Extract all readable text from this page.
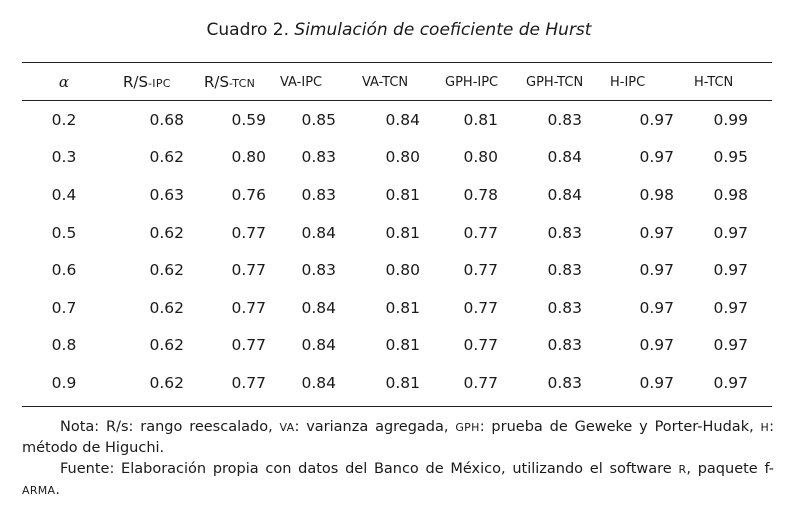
Cuadro 2. Simulación de coeficiente de Hurst
α	R/S-IPC	R/S-TCN	VA-IPC	VA-TCN	GPH-IPC	GPH-TCN	H-IPC	H-TCN
0.2	0.68	0.59	0.85	0.84	0.81	0.83	0.97	0.99
0.3	0.62	0.80	0.83	0.80	0.80	0.84	0.97	0.95
0.4	0.63	0.76	0.83	0.81	0.78	0.84	0.98	0.98
0.5	0.62	0.77	0.84	0.81	0.77	0.83	0.97	0.97
0.6	0.62	0.77	0.83	0.80	0.77	0.83	0.97	0.97
0.7	0.62	0.77	0.84	0.81	0.77	0.83	0.97	0.97
0.8	0.62	0.77	0.84	0.81	0.77	0.83	0.97	0.97
0.9	0.62	0.77	0.84	0.81	0.77	0.83	0.97	0.97

Nota: R/s: rango reescalado, VA: varianza agregada, GPH: prueba de Geweke y Porter-Hudak, H: método de Higuchi.

Fuente: Elaboración propia con datos del Banco de México, utilizando el software R, paquete f-ARMA.
